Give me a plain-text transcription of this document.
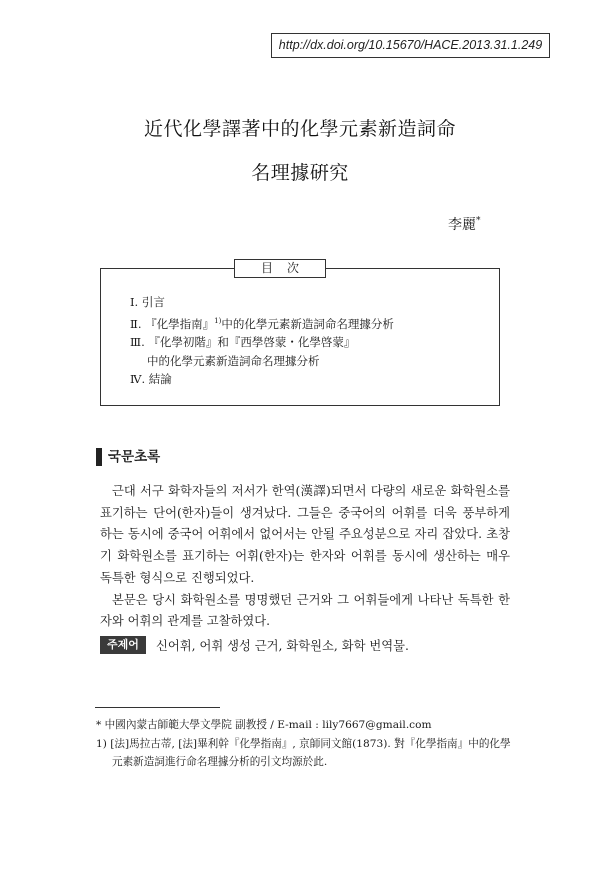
http://dx.doi.org/10.15670/HACE.2013.31.1.249
近代化學譯著中的化學元素新造詞命
名理據硏究
李麗*
目次
Ⅰ. 引言
Ⅱ. 『化學指南』$^{1)}$中的化學元素新造詞命名理據分析
Ⅲ. 『化學初階』和『西學啓蒙・化學啓蒙』
中的化學元素新造詞命名理據分析
Ⅳ. 結論
국문초록

근대 서구 화학자들의 저서가 한역(漢譯)되면서 다량의 새로운 화학원소를 표기하는 단어(한자)들이 생겨났다. 그들은 중국어의 어휘를 더욱 풍부하게 하는 동시에 중국어 어휘에서 없어서는 안될 주요성분으로 자리 잡았다. 초창기 화학원소를 표기하는 어휘(한자)는 한자와 어휘를 동시에 생산하는 매우 독특한 형식으로 진행되었다.

본문은 당시 화학원소를 명명했던 근거와 그 어휘들에게 나타난 독특한 한자와 어휘의 관계를 고찰하였다.

주제어 신어휘, 어휘 생성 근거, 화학원소, 화학 번역물.
* 中國內蒙古師範大學文學院 副教授 / E-mail : lily7667@gmail.com
1) [法]馬拉古蒂, [法]畢利幹『化學指南』, 京師同文館(1873). 對『化學指南』中的化學
元素新造詞進行命名理據分析的引文均源於此.
